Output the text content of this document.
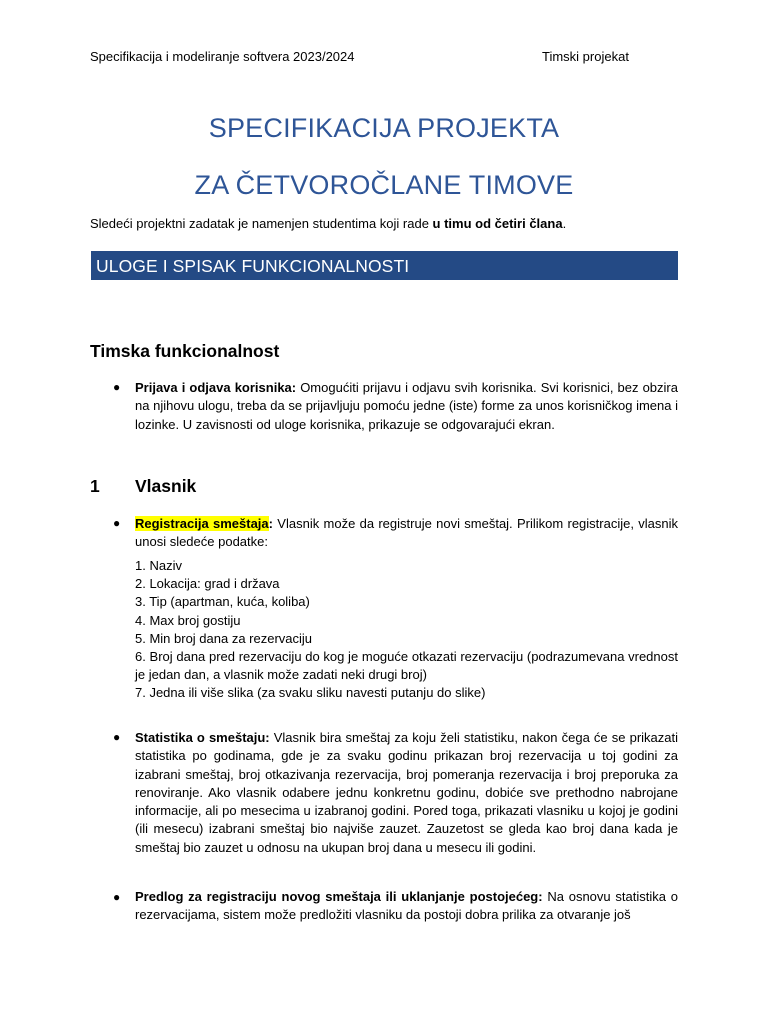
Specifikacija i modeliranje softvera 2023/2024	Timski projekat
SPECIFIKACIJA PROJEKTA
ZA ČETVOROČLANE TIMOVE
Sledeći projektni zadatak je namenjen studentima koji rade u timu od četiri člana.
ULOGE I SPISAK FUNKCIONALNOSTI
Timska funkcionalnost
● Prijava i odjava korisnika: Omogućiti prijavu i odjavu svih korisnika. Svi korisnici, bez obzira na njihovu ulogu, treba da se prijavljuju pomoću jedne (iste) forme za unos korisničkog imena i lozinke. U zavisnosti od uloge korisnika, prikazuje se odgovarajući ekran.
1 Vlasnik
● Registracija smeštaja: Vlasnik može da registruje novi smeštaj. Prilikom registracije, vlasnik unosi sledeće podatke:
1. Naziv
2. Lokacija: grad i država
3. Tip (apartman, kuća, koliba)
4. Max broj gostiju
5. Min broj dana za rezervaciju
6. Broj dana pred rezervaciju do kog je moguće otkazati rezervaciju (podrazumevana vrednost je jedan dan, a vlasnik može zadati neki drugi broj)
7. Jedna ili više slika (za svaku sliku navesti putanju do slike)
● Statistika o smeštaju: Vlasnik bira smeštaj za koju želi statistiku, nakon čega će se prikazati statistika po godinama, gde je za svaku godinu prikazan broj rezervacija u toj godini za izabrani smeštaj, broj otkazivanja rezervacija, broj pomeranja rezervacija i broj preporuka za renoviranje. Ako vlasnik odabere jednu konkretnu godinu, dobiće sve prethodno nabrojane informacije, ali po mesecima u izabranoj godini. Pored toga, prikazati vlasniku u kojoj je godini (ili mesecu) izabrani smeštaj bio najviše zauzet. Zauzetost se gleda kao broj dana kada je smeštaj bio zauzet u odnosu na ukupan broj dana u mesecu ili godini.
● Predlog za registraciju novog smeštaja ili uklanjanje postojećeg: Na osnovu statistika o rezervacijama, sistem može predložiti vlasniku da postoji dobra prilika za otvaranje još
